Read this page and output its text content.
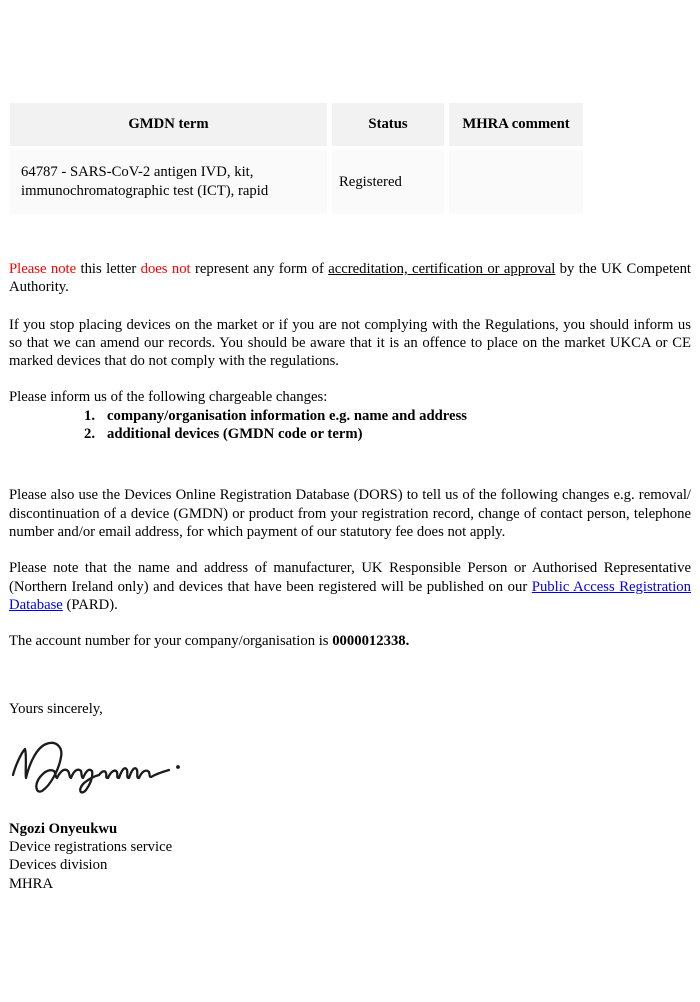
GMDN term	Status	MHRA comment
64787 - SARS-CoV-2 antigen IVD, kit, immunochromatographic test (ICT), rapid	Registered	

Please note this letter does not represent any form of accreditation, certification or approval by the UK Competent Authority.

If you stop placing devices on the market or if you are not complying with the Regulations, you should inform us so that we can amend our records. You should be aware that it is an offence to place on the market UKCA or CE marked devices that do not comply with the regulations.

Please inform us of the following chargeable changes:

1. company/organisation information e.g. name and address
2. additional devices (GMDN code or term)

Please also use the Devices Online Registration Database (DORS) to tell us of the following changes e.g. removal/ discontinuation of a device (GMDN) or product from your registration record, change of contact person, telephone number and/or email address, for which payment of our statutory fee does not apply.

Please note that the name and address of manufacturer, UK Responsible Person or Authorised Representative (Northern Ireland only) and devices that have been registered will be published on our Public Access Registration Database (PARD).

The account number for your company/organisation is 0000012338.

Yours sincerely,

Ngozi Onyeukwu
Device registrations service
Devices division
MHRA
